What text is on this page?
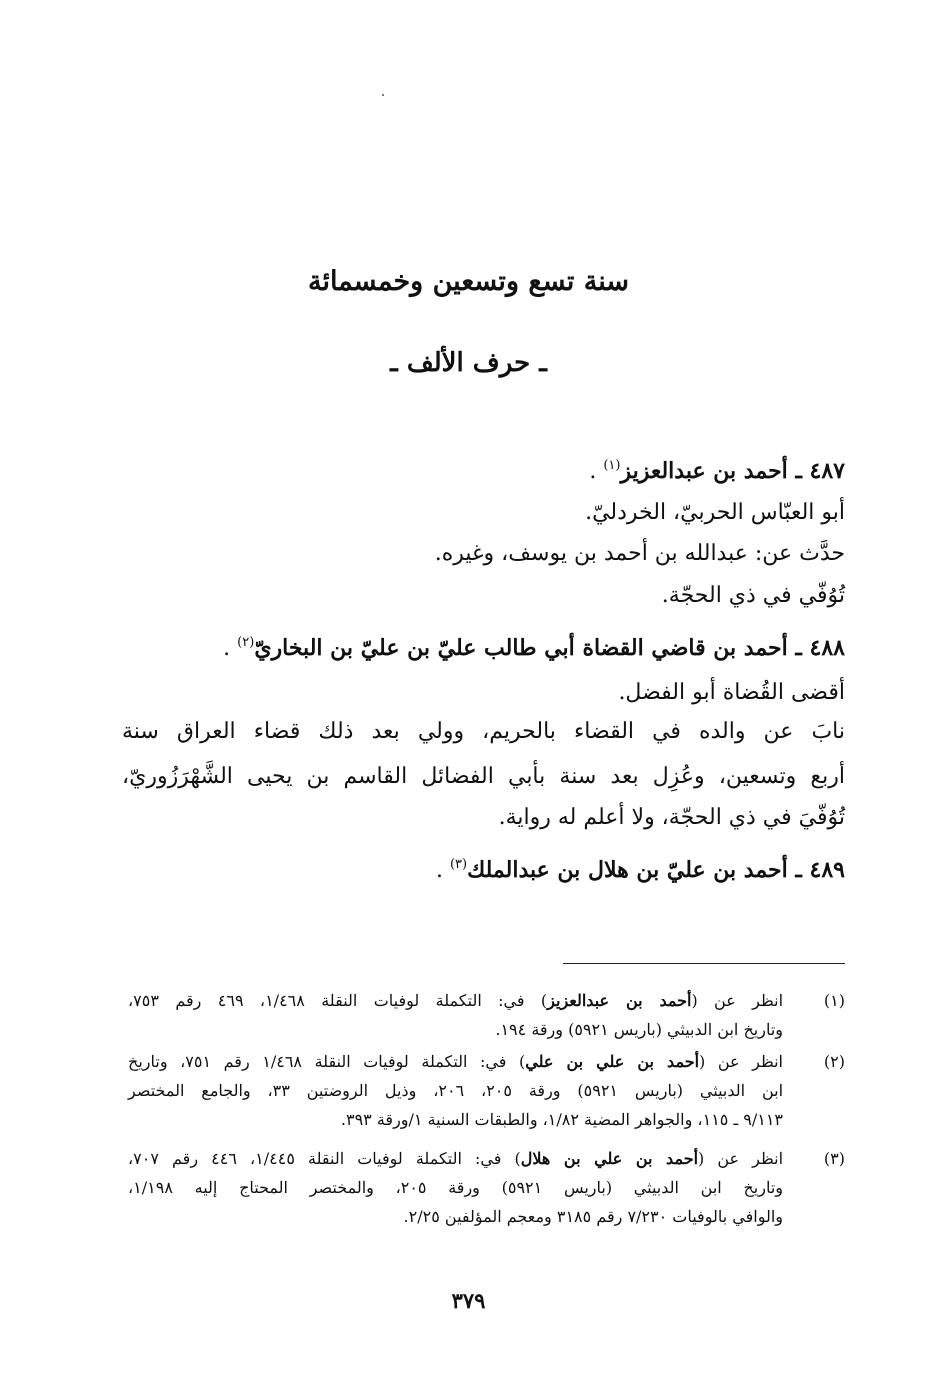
سنة تسع وتسعين وخمسمائة
ـ حرف الألف ـ
٤٨٧ ـ أحمد بن عبدالعزيز$^{(١)}$ .
أبو العبّاس الحربيّ، الخردليّ.
حدَّث عن: عبدالله بن أحمد بن يوسف، وغيره.
تُوُفّي في ذي الحجّة.
٤٨٨ ـ أحمد بن قاضي القضاة أبي طالب عليّ بن عليّ بن البخاريّ$^{(٢)}$ .
أقضى القُضاة أبو الفضل.
نابَ عن والده في القضاء بالحريم، وولي بعد ذلك قضاء العراق سنة
أربع وتسعين، وعُزِل بعد سنة بأبي الفضائل القاسم بن يحيى الشَّهْرَزُوريّ،
تُوُفّيَ في ذي الحجّة، ولا أعلم له رواية.
٤٨٩ ـ أحمد بن عليّ بن هلال بن عبدالملك$^{(٣)}$ .
(١)
انظر عن (أحمد بن عبدالعزيز) في: التكملة لوفيات النقلة ١/٤٦٨، ٤٦٩ رقم ٧٥٣،
وتاريخ ابن الدبيثي (باريس ٥٩٢١) ورقة ١٩٤.
(٢)
انظر عن (أحمد بن علي بن علي) في: التكملة لوفيات النقلة ١/٤٦٨ رقم ٧٥١، وتاريخ
ابن الدبيثي (باريس ٥٩٢١) ورقة ٢٠٥، ٢٠٦، وذيل الروضتين ٣٣، والجامع المختصر
٩/١١٣ ـ ١١٥، والجواهر المضية ١/٨٢، والطبقات السنية ١/ورقة ٣٩٣.
(٣)
انظر عن (أحمد بن علي بن هلال) في: التكملة لوفيات النقلة ١/٤٤٥، ٤٤٦ رقم ٧٠٧،
وتاريخ ابن الدبيثي (باريس ٥٩٢١) ورقة ٢٠٥، والمختصر المحتاج إليه ١/١٩٨،
والوافي بالوفيات ٧/٢٣٠ رقم ٣١٨٥ ومعجم المؤلفين ٢/٢٥.
٣٧٩
